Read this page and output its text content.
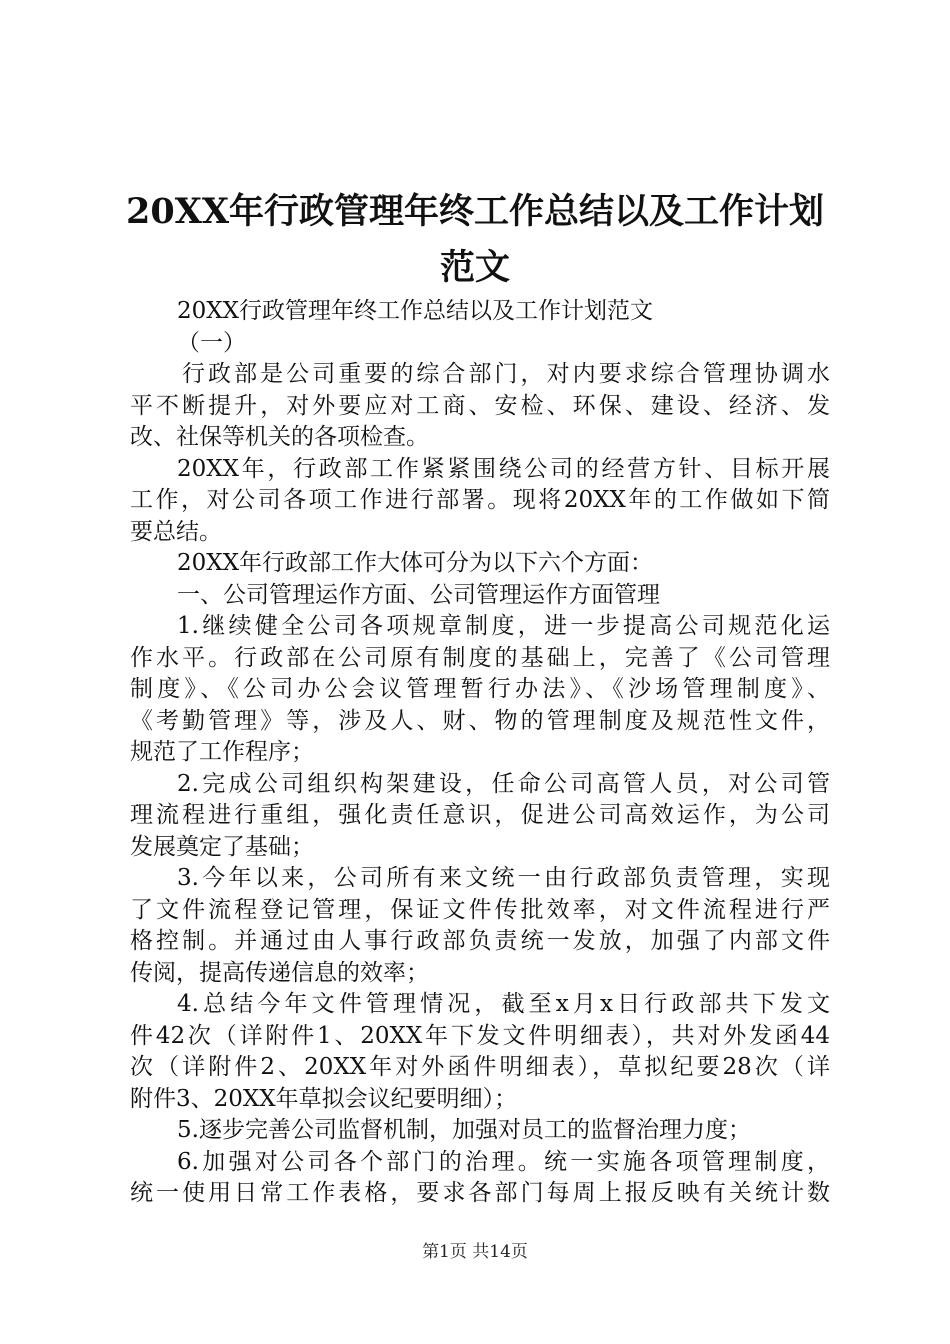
20XX年行政管理年终工作总结以及工作计划
范文
20XX行政管理年终工作总结以及工作计划范文
（一）
行政部是公司重要的综合部门，对内要求综合管理协调水
平不断提升，对外要应对工商、安检、环保、建设、经济、发
改、社保等机关的各项检查。
20XX年，行政部工作紧紧围绕公司的经营方针、目标开展
工作，对公司各项工作进行部署。现将20XX年的工作做如下简
要总结。
20XX年行政部工作大体可分为以下六个方面：
一、公司管理运作方面、公司管理运作方面管理
1.继续健全公司各项规章制度，进一步提高公司规范化运
作水平。行政部在公司原有制度的基础上，完善了《公司管理
制度》、《公司办公会议管理暂行办法》、《沙场管理制度》、
《考勤管理》等，涉及人、财、物的管理制度及规范性文件，
规范了工作程序；
2.完成公司组织构架建设，任命公司高管人员，对公司管
理流程进行重组，强化责任意识，促进公司高效运作，为公司
发展奠定了基础；
3.今年以来，公司所有来文统一由行政部负责管理，实现
了文件流程登记管理，保证文件传批效率，对文件流程进行严
格控制。并通过由人事行政部负责统一发放，加强了内部文件
传阅，提高传递信息的效率；
4.总结今年文件管理情况，截至x月x日行政部共下发文
件42次（详附件1、20XX年下发文件明细表），共对外发函44
次（详附件2、20XX年对外函件明细表），草拟纪要28次（详
附件3、20XX年草拟会议纪要明细）；
5.逐步完善公司监督机制，加强对员工的监督治理力度；
6.加强对公司各个部门的治理。统一实施各项管理制度，
统一使用日常工作表格，要求各部门每周上报反映有关统计数
第1页 共14页
